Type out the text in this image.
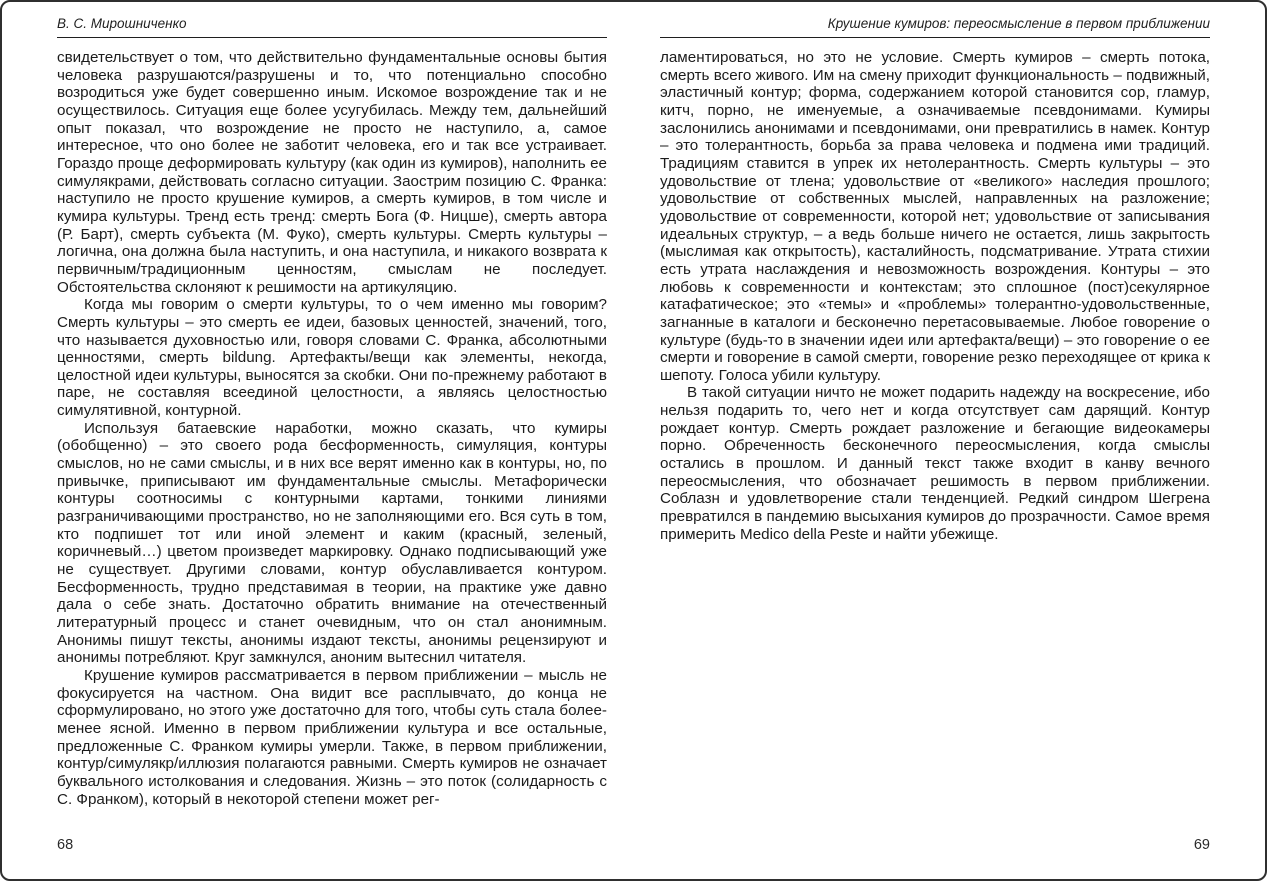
В. С. Мирошниченко

свидетельствует о том, что действительно фундаментальные основы бытия человека разрушаются/разрушены и то, что потенциально способно возродиться уже будет совершенно иным. Искомое возрождение так и не осуществилось. Ситуация еще более усугубилась. Между тем, дальнейший опыт показал, что возрождение не просто не наступило, а, самое интересное, что оно более не заботит человека, его и так все устраивает. Гораздо проще деформировать культуру (как один из кумиров), наполнить ее симулякрами, действовать согласно ситуации. Заострим позицию С. Франка: наступило не просто крушение кумиров, а смерть кумиров, в том числе и кумира культуры. Тренд есть тренд: смерть Бога (Ф. Ницше), смерть автора (Р. Барт), смерть субъекта (М. Фуко), смерть культуры. Смерть культуры – логична, она должна была наступить, и она наступила, и никакого возврата к первичным/традиционным ценностям, смыслам не последует. Обстоятельства склоняют к решимости на артикуляцию.

Когда мы говорим о смерти культуры, то о чем именно мы говорим? Смерть культуры – это смерть ее идеи, базовых ценностей, значений, того, что называется духовностью или, говоря словами С. Франка, абсолютными ценностями, смерть bildung. Артефакты/вещи как элементы, некогда, целостной идеи культуры, выносятся за скобки. Они по-прежнему работают в паре, не составляя всеединой целостности, а являясь целостностью симулятивной, контурной.

Используя батаевские наработки, можно сказать, что кумиры (обобщенно) – это своего рода бесформенность, симуляция, контуры смыслов, но не сами смыслы, и в них все верят именно как в контуры, но, по привычке, приписывают им фундаментальные смыслы. Метафорически контуры соотносимы с контурными картами, тонкими линиями разграничивающими пространство, но не заполняющими его. Вся суть в том, кто подпишет тот или иной элемент и каким (красный, зеленый, коричневый…) цветом произведет маркировку. Однако подписывающий уже не существует. Другими словами, контур обуславливается контуром. Бесформенность, трудно представимая в теории, на практике уже давно дала о себе знать. Достаточно обратить внимание на отечественный литературный процесс и станет очевидным, что он стал анонимным. Анонимы пишут тексты, анонимы издают тексты, анонимы рецензируют и анонимы потребляют. Круг замкнулся, аноним вытеснил читателя.

Крушение кумиров рассматривается в первом приближении – мысль не фокусируется на частном. Она видит все расплывчато, до конца не сформулировано, но этого уже достаточно для того, чтобы суть стала более-менее ясной. Именно в первом приближении культура и все остальные, предложенные С. Франком кумиры умерли. Также, в первом приближении, контур/симулякр/иллюзия полагаются равными. Смерть кумиров не означает буквального истолкования и следования. Жизнь – это поток (солидарность с С. Франком), который в некоторой степени может рег-

68
Крушение кумиров: переосмысление в первом приближении

ламентироваться, но это не условие. Смерть кумиров – смерть потока, смерть всего живого. Им на смену приходит функциональность – подвижный, эластичный контур; форма, содержанием которой становится сор, гламур, китч, порно, не именуемые, а означиваемые псевдонимами. Кумиры заслонились анонимами и псевдонимами, они превратились в намек. Контур – это толерантность, борьба за права человека и подмена ими традиций. Традициям ставится в упрек их нетолерантность. Смерть культуры – это удовольствие от тлена; удовольствие от «великого» наследия прошлого; удовольствие от собственных мыслей, направленных на разложение; удовольствие от современности, которой нет; удовольствие от записывания идеальных структур, – а ведь больше ничего не остается, лишь закрытость (мыслимая как открытость), касталийность, подсматривание. Утрата стихии есть утрата наслаждения и невозможность возрождения. Контуры – это любовь к современности и контекстам; это сплошное (пост)секулярное катафатическое; это «темы» и «проблемы» толерантно-удовольственные, загнанные в каталоги и бесконечно перетасовываемые. Любое говорение о культуре (будь-то в значении идеи или артефакта/вещи) – это говорение о ее смерти и говорение в самой смерти, говорение резко переходящее от крика к шепоту. Голоса убили культуру.

В такой ситуации ничто не может подарить надежду на воскресение, ибо нельзя подарить то, чего нет и когда отсутствует сам дарящий. Контур рождает контур. Смерть рождает разложение и бегающие видеокамеры порно. Обреченность бесконечного переосмысления, когда смыслы остались в прошлом. И данный текст также входит в канву вечного переосмысления, что обозначает решимость в первом приближении. Соблазн и удовлетворение стали тенденцией. Редкий синдром Шегрена превратился в пандемию высыхания кумиров до прозрачности. Самое время примерить Medico della Peste и найти убежище.

69
